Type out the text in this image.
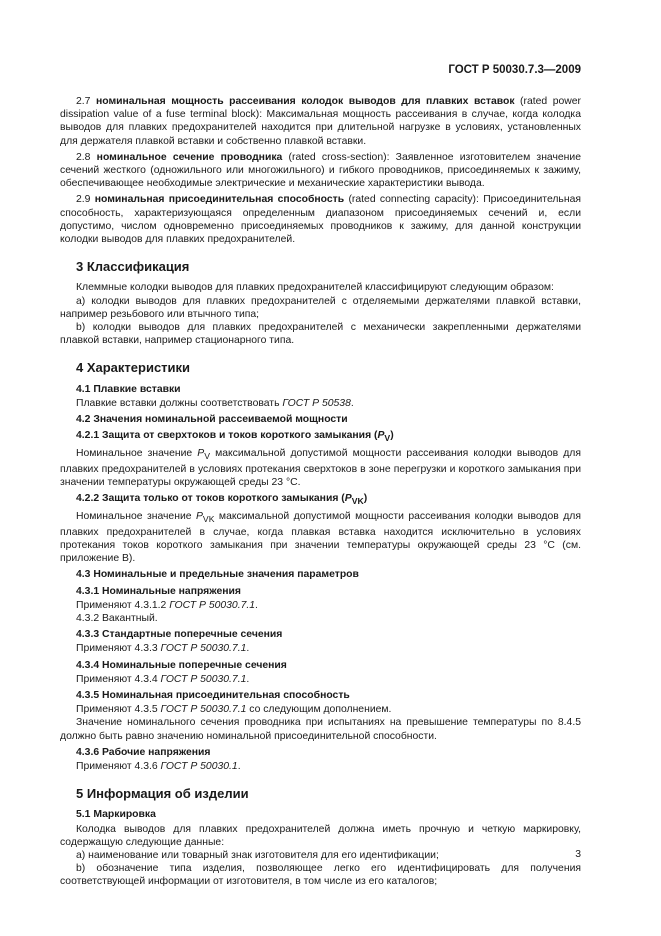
ГОСТ Р 50030.7.3—2009

2.7 номинальная мощность рассеивания колодок выводов для плавких вставок (rated power dissipation value of a fuse terminal block): Максимальная мощность рассеивания в случае, когда колодка выводов для плавких предохранителей находится при длительной нагрузке в условиях, установленных для держателя плавкой вставки и собственно плавкой вставки.

2.8 номинальное сечение проводника (rated cross-section): Заявленное изготовителем значение сечений жесткого (одножильного или многожильного) и гибкого проводников, присоединяемых к зажиму, обеспечивающее необходимые электрические и механические характеристики вывода.

2.9 номинальная присоединительная способность (rated connecting capacity): Присоединительная способность, характеризующаяся определенным диапазоном присоединяемых сечений и, если допустимо, числом одновременно присоединяемых проводников к зажиму, для данной конструкции колодки выводов для плавких предохранителей.

3 Классификация

Клеммные колодки выводов для плавких предохранителей классифицируют следующим образом:

а) колодки выводов для плавких предохранителей с отделяемыми держателями плавкой вставки, например резьбового или втычного типа;

b) колодки выводов для плавких предохранителей с механически закрепленными держателями плавкой вставки, например стационарного типа.

4 Характеристики
4.1 Плавкие вставки

Плавкие вставки должны соответствовать ГОСТ Р 50538.

4.2 Значения номинальной рассеиваемой мощности
4.2.1 Защита от сверхтоков и токов короткого замыкания $(P_V)$

Номинальное значение $P_V$ максимальной допустимой мощности рассеивания колодки выводов для плавких предохранителей в условиях протекания сверхтоков в зоне перегрузки и короткого замыкания при значении температуры окружающей среды 23 °С.

4.2.2 Защита только от токов короткого замыкания $(P_{VK})$

Номинальное значение $P_{VK}$ максимальной допустимой мощности рассеивания колодки выводов для плавких предохранителей в случае, когда плавкая вставка находится исключительно в условиях протекания токов короткого замыкания при значении температуры окружающей среды 23 °С (см. приложение В).

4.3 Номинальные и предельные значения параметров
4.3.1 Номинальные напряжения

Применяют 4.3.1.2 ГОСТ Р 50030.7.1.

4.3.2 Вакантный.

4.3.3 Стандартные поперечные сечения

Применяют 4.3.3 ГОСТ Р 50030.7.1.

4.3.4 Номинальные поперечные сечения

Применяют 4.3.4 ГОСТ Р 50030.7.1.

4.3.5 Номинальная присоединительная способность

Применяют 4.3.5 ГОСТ Р 50030.7.1 со следующим дополнением.

Значение номинального сечения проводника при испытаниях на превышение температуры по 8.4.5 должно быть равно значению номинальной присоединительной способности.

4.3.6 Рабочие напряжения

Применяют 4.3.6 ГОСТ Р 50030.1.

5 Информация об изделии
5.1 Маркировка

Колодка выводов для плавких предохранителей должна иметь прочную и четкую маркировку, содержащую следующие данные:

а) наименование или товарный знак изготовителя для его идентификации;

b) обозначение типа изделия, позволяющее легко его идентифицировать для получения соответствующей информации от изготовителя, в том числе из его каталогов;

3
